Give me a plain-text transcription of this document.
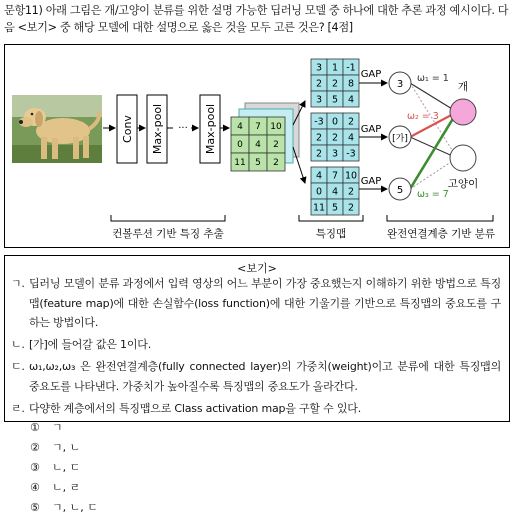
문항11) 아래 그림은 개/고양이 분류를 위한 설명 가능한 딥러닝 모델 중 하나에 대한 추론 과정 예시이다. 다음 <보기> 중 해당 모델에 대한 설명으로 옳은 것을 모두 고른 것은? [4점]
Conv Max-pool ··· Max-pool 4 7 10
0 4 2
11 5 2
3 1 -1
2 2 8
3 5 4
-3 0 2
2 2 4
2 3 -3
4 7 10
0 4 2
11 5 2
GAP
GAP
GAP
3
[가]
5
ω₁ = 1
ω₂ = 3
ω₃ = 7
개
고양이
컨볼루션 기반 특징 추출	특징맵	완전연결계층 기반 분류
<보기>
ㄱ. 딥러닝 모델이 분류 과정에서 입력 영상의 어느 부분이 가장 중요했는지 이해하기 위한 방법으로 특징맵(feature map)에 대한 손실함수(loss function)에 대한 기울기를 기반으로 특징맵의 중요도를 구하는 방법이다.
ㄴ. [가]에 들어갈 값은 1이다.
ㄷ. ω₁,ω₂,ω₃ 은 완전연결계층(fully connected layer)의 가중치(weight)이고 분류에 대한 특징맵의 중요도를 나타낸다. 가중치가 높아질수록 특징맵의 중요도가 올라간다.
ㄹ. 다양한 계층에서의 특징맵으로 Class activation map을 구할 수 있다.
① ㄱ
② ㄱ, ㄴ
③ ㄴ, ㄷ
④ ㄴ, ㄹ
⑤ ㄱ, ㄴ, ㄷ
